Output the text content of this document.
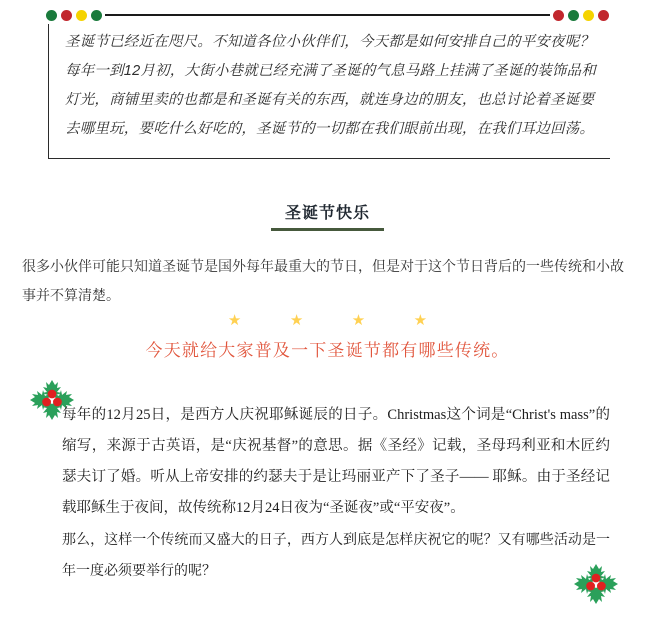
圣诞节已经近在咫尺。不知道各位小伙伴们，今天都是如何安排自己的平安夜呢？

每年一到12月初，大街小巷就已经充满了圣诞的气息马路上挂满了圣诞的装饰品和灯光，商铺里卖的也都是和圣诞有关的东西，就连身边的朋友，也总讨论着圣诞要去哪里玩，要吃什么好吃的，圣诞节的一切都在我们眼前出现，在我们耳边回荡。

圣诞节快乐

很多小伙伴可能只知道圣诞节是国外每年最重大的节日，但是对于这个节日背后的一些传统和小故事并不算清楚。

★	★	★	★

今天就给大家普及一下圣诞节都有哪些传统。

每年的12月25日，是西方人庆祝耶稣诞辰的日子。Christmas这个词是“Christ's mass”的缩写，来源于古英语，是“庆祝基督”的意思。据《圣经》记载，圣母玛利亚和木匠约瑟夫订了婚。听从上帝安排的约瑟夫于是让玛丽亚产下了圣子—— 耶稣。由于圣经记载耶稣生于夜间，故传统称12月24日夜为“圣诞夜”或“平安夜”。

那么，这样一个传统而又盛大的日子，西方人到底是怎样庆祝它的呢？又有哪些活动是一年一度必须要举行的呢？
